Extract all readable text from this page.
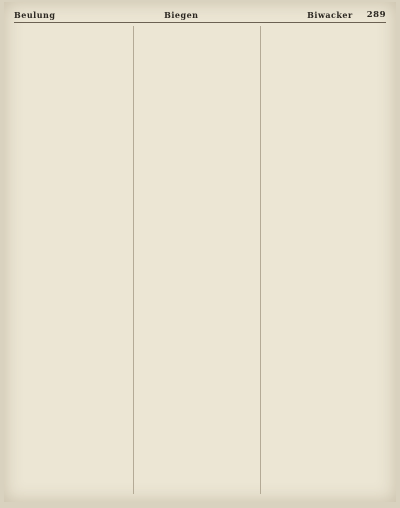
Beulung	Biegen	Biwacker 289
